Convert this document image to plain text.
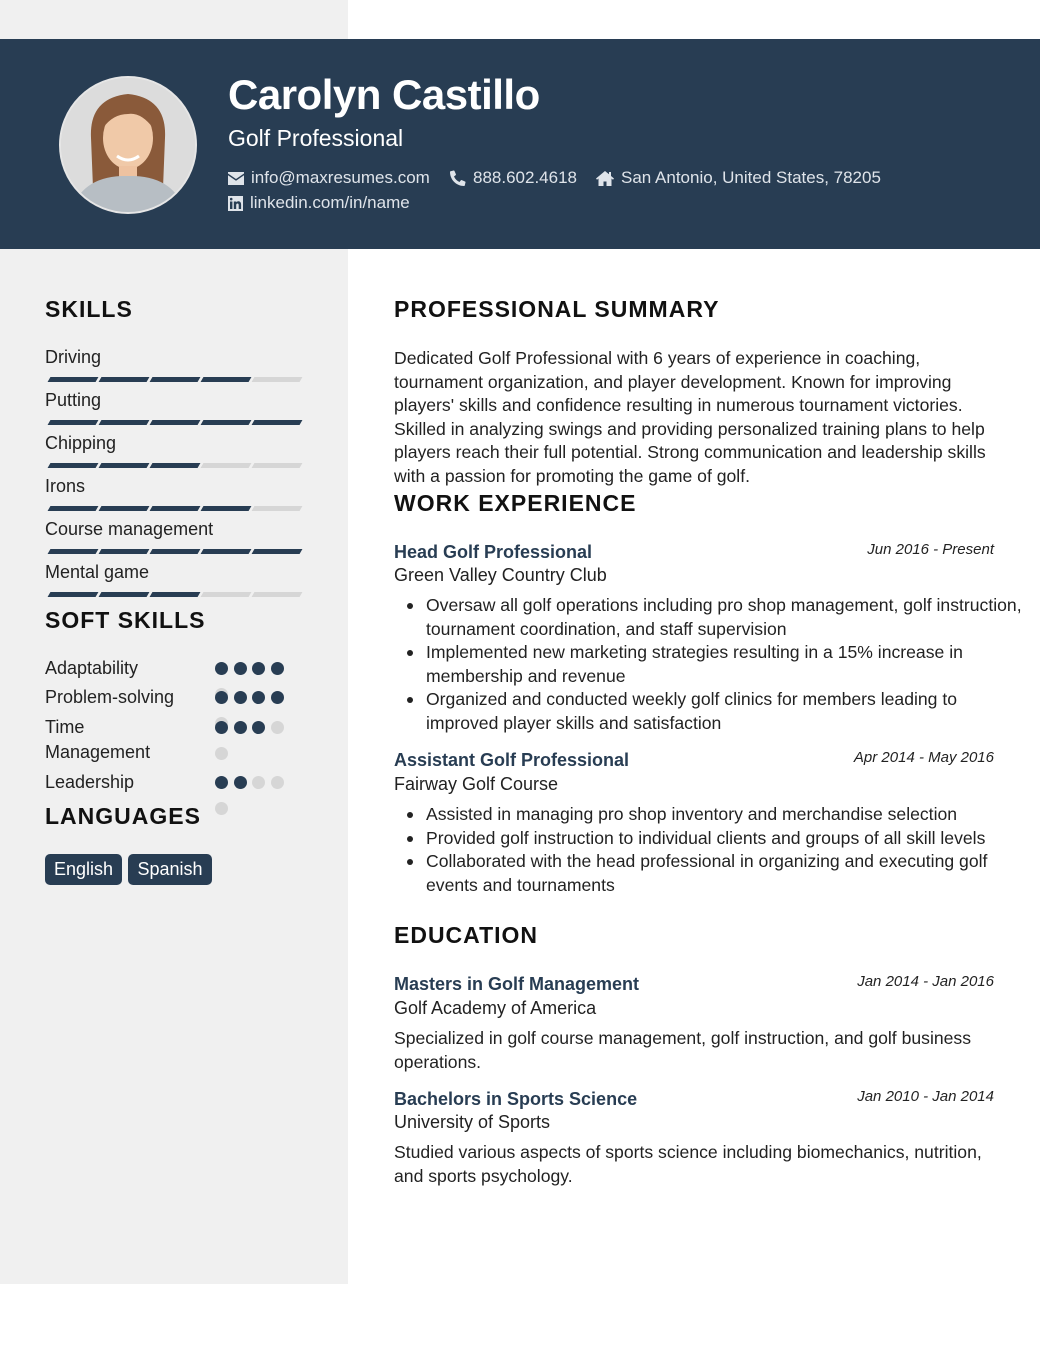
Carolyn Castillo
Golf Professional
info@maxresumes.com	888.602.4618	San Antonio, United States, 78205
linkedin.com/in/name
SKILLS
Driving
Putting
Chipping
Irons
Course management
Mental game
SOFT SKILLS
Adaptability
Problem-solving
Time Management
Leadership
LANGUAGES
English	Spanish
PROFESSIONAL SUMMARY
Dedicated Golf Professional with 6 years of experience in coaching, tournament organization, and player development. Known for improving players' skills and confidence resulting in numerous tournament victories. Skilled in analyzing swings and providing personalized training plans to help players reach their full potential. Strong communication and leadership skills with a passion for promoting the game of golf.
WORK EXPERIENCE
Head Golf Professional	Jun 2016 - Present
Green Valley Country Club
Oversaw all golf operations including pro shop management, golf instruction, tournament coordination, and staff supervision
Implemented new marketing strategies resulting in a 15% increase in membership and revenue
Organized and conducted weekly golf clinics for members leading to improved player skills and satisfaction
Assistant Golf Professional	Apr 2014 - May 2016
Fairway Golf Course
Assisted in managing pro shop inventory and merchandise selection
Provided golf instruction to individual clients and groups of all skill levels
Collaborated with the head professional in organizing and executing golf events and tournaments
EDUCATION
Masters in Golf Management	Jan 2014 - Jan 2016
Golf Academy of America
Specialized in golf course management, golf instruction, and golf business operations.
Bachelors in Sports Science	Jan 2010 - Jan 2014
University of Sports
Studied various aspects of sports science including biomechanics, nutrition, and sports psychology.
